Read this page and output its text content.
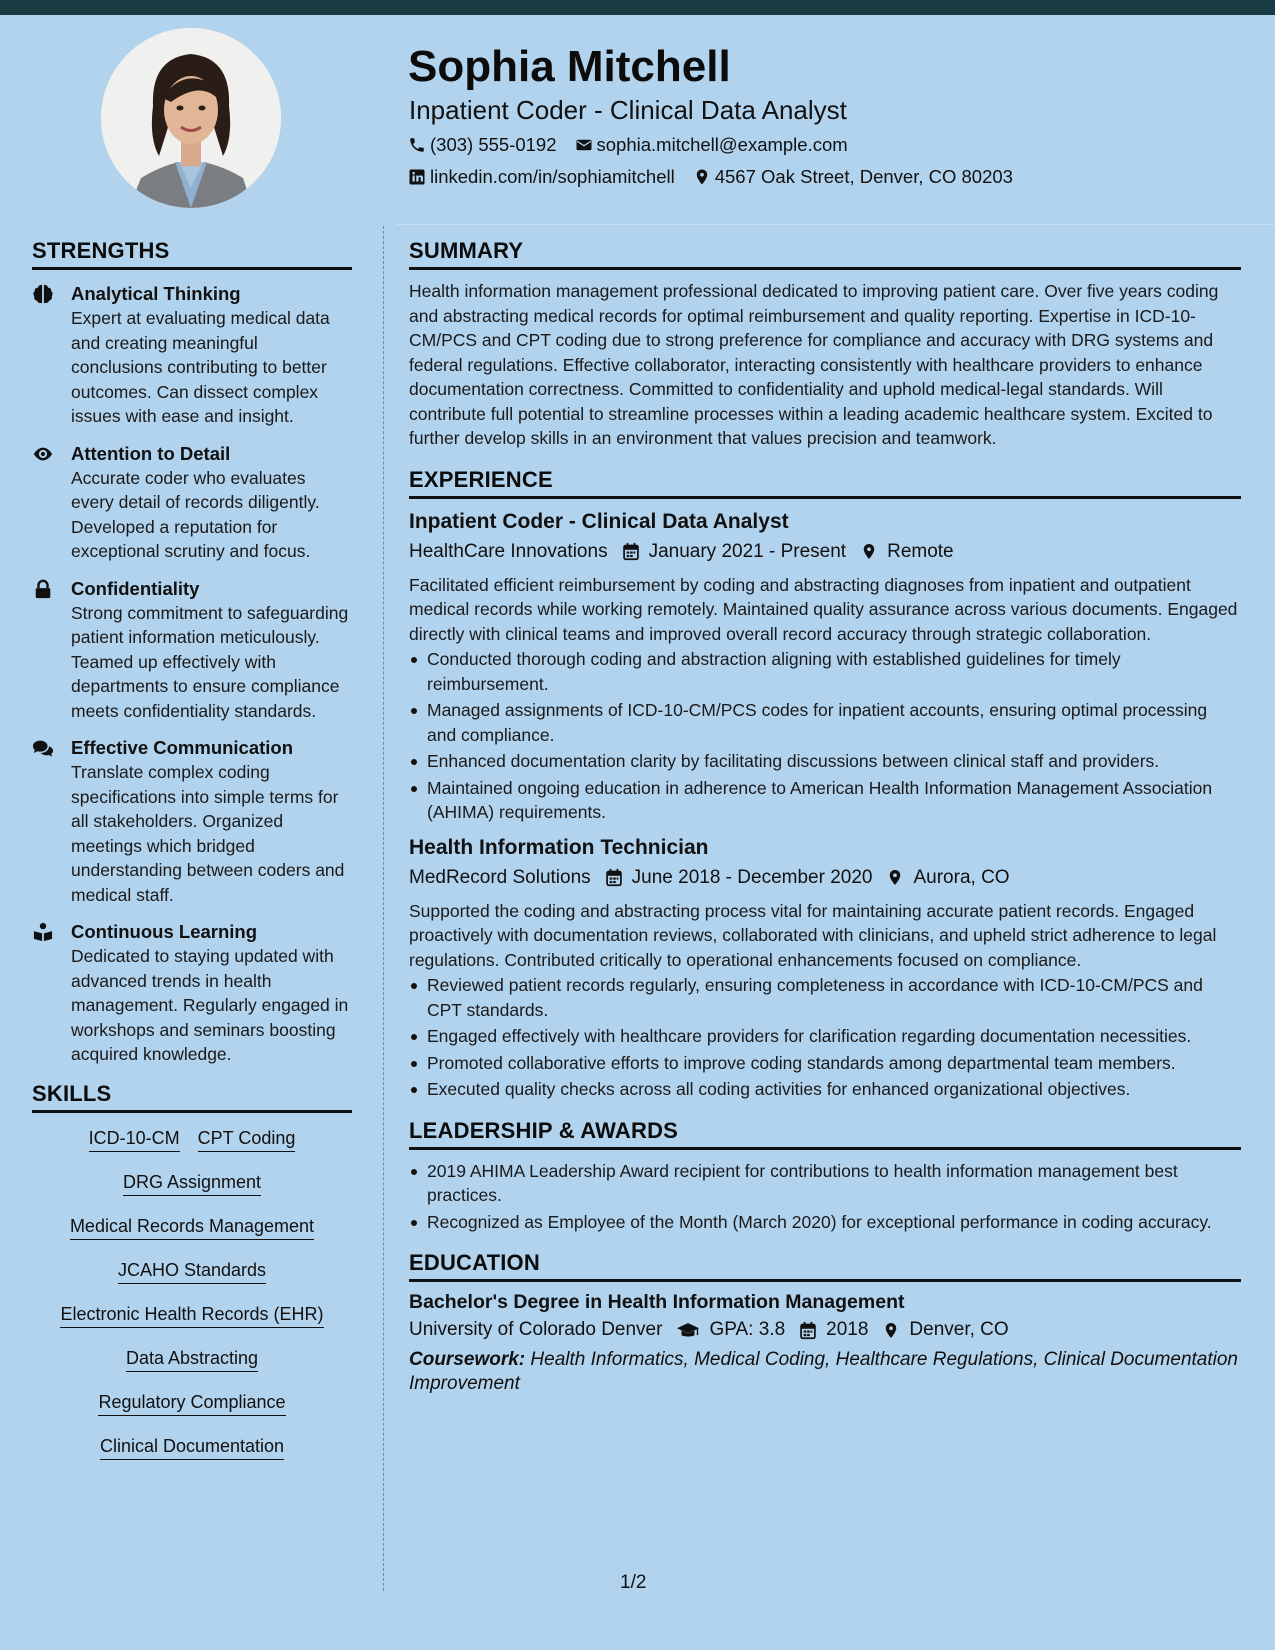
Sophia Mitchell
Inpatient Coder - Clinical Data Analyst
(303) 555-0192 sophia.mitchell@example.com
linkedin.com/in/sophiamitchell 4567 Oak Street, Denver, CO 80203
STRENGTHS
Analytical Thinking
Expert at evaluating medical data and creating meaningful conclusions contributing to better outcomes. Can dissect complex issues with ease and insight.
Attention to Detail
Accurate coder who evaluates every detail of records diligently. Developed a reputation for exceptional scrutiny and focus.
Confidentiality
Strong commitment to safeguarding patient information meticulously. Teamed up effectively with departments to ensure compliance meets confidentiality standards.
Effective Communication
Translate complex coding specifications into simple terms for all stakeholders. Organized meetings which bridged understanding between coders and medical staff.
Continuous Learning
Dedicated to staying updated with advanced trends in health management. Regularly engaged in workshops and seminars boosting acquired knowledge.
SKILLS
ICD-10-CM CPT Coding
DRG Assignment
Medical Records Management
JCAHO Standards
Electronic Health Records (EHR)
Data Abstracting
Regulatory Compliance
Clinical Documentation
SUMMARY
Health information management professional dedicated to improving patient care. Over five years coding and abstracting medical records for optimal reimbursement and quality reporting. Expertise in ICD-10-CM/PCS and CPT coding due to strong preference for compliance and accuracy with DRG systems and federal regulations. Effective collaborator, interacting consistently with healthcare providers to enhance documentation correctness. Committed to confidentiality and uphold medical-legal standards. Will contribute full potential to streamline processes within a leading academic healthcare system. Excited to further develop skills in an environment that values precision and teamwork.
EXPERIENCE
Inpatient Coder - Clinical Data Analyst
HealthCare Innovations January 2021 - Present Remote
Facilitated efficient reimbursement by coding and abstracting diagnoses from inpatient and outpatient medical records while working remotely. Maintained quality assurance across various documents. Engaged directly with clinical teams and improved overall record accuracy through strategic collaboration.
Conducted thorough coding and abstraction aligning with established guidelines for timely reimbursement.
Managed assignments of ICD-10-CM/PCS codes for inpatient accounts, ensuring optimal processing and compliance.
Enhanced documentation clarity by facilitating discussions between clinical staff and providers.
Maintained ongoing education in adherence to American Health Information Management Association (AHIMA) requirements.
Health Information Technician
MedRecord Solutions June 2018 - December 2020 Aurora, CO
Supported the coding and abstracting process vital for maintaining accurate patient records. Engaged proactively with documentation reviews, collaborated with clinicians, and upheld strict adherence to legal regulations. Contributed critically to operational enhancements focused on compliance.
Reviewed patient records regularly, ensuring completeness in accordance with ICD-10-CM/PCS and CPT standards.
Engaged effectively with healthcare providers for clarification regarding documentation necessities.
Promoted collaborative efforts to improve coding standards among departmental team members.
Executed quality checks across all coding activities for enhanced organizational objectives.
LEADERSHIP & AWARDS
2019 AHIMA Leadership Award recipient for contributions to health information management best practices.
Recognized as Employee of the Month (March 2020) for exceptional performance in coding accuracy.
EDUCATION
Bachelor's Degree in Health Information Management
University of Colorado Denver GPA: 3.8 2018 Denver, CO
Coursework: Health Informatics, Medical Coding, Healthcare Regulations, Clinical Documentation Improvement
1/2
